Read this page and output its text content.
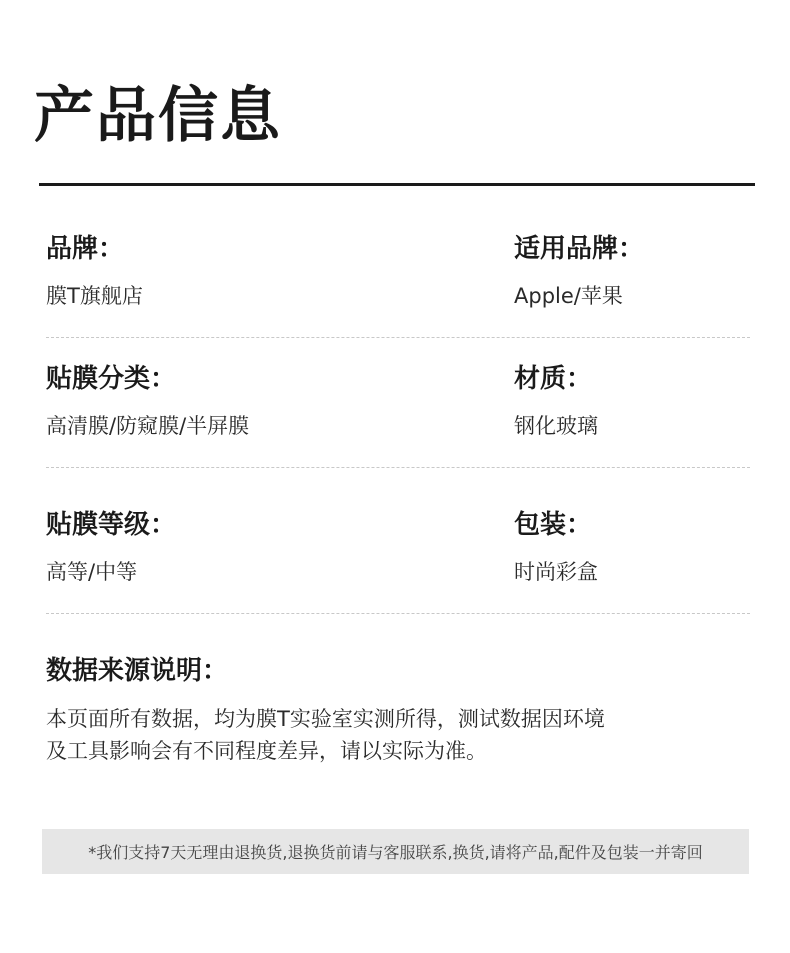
产品信息
品牌：
膜T旗舰店
适用品牌：
Apple/苹果
贴膜分类：
高清膜/防窥膜/半屏膜
材质：
钢化玻璃
贴膜等级：
高等/中等
包装：
时尚彩盒
数据来源说明：
本页面所有数据，均为膜T实验室实测所得，测试数据因环境
及工具影响会有不同程度差异，请以实际为准。
*我们支持7天无理由退换货,退换货前请与客服联系,换货,请将产品,配件及包装一并寄回
